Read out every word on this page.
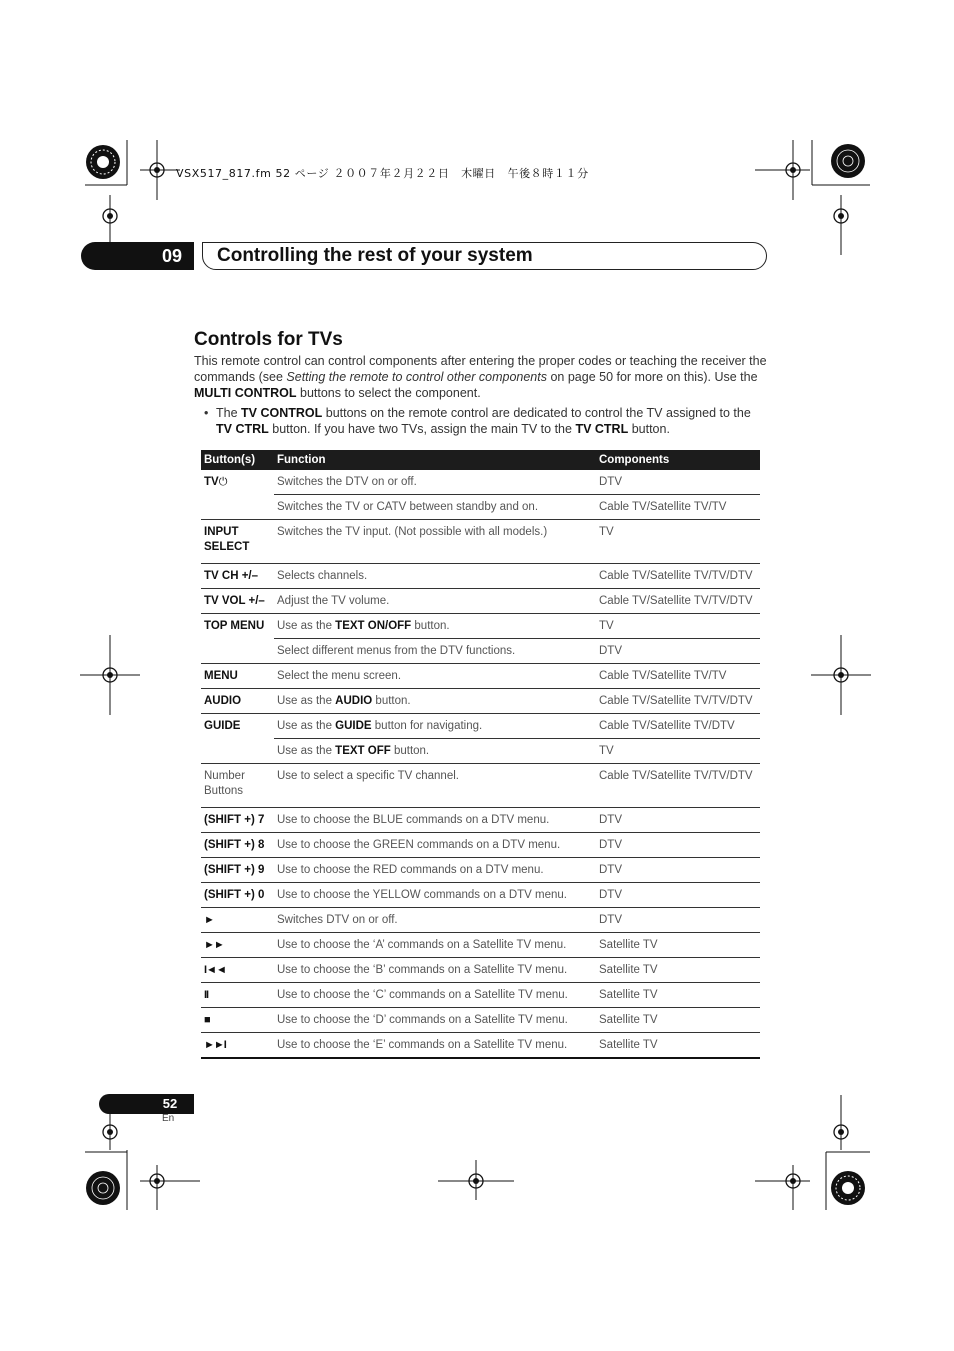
VSX517_817.fm 52 ページ ２００７年２月２２日　木曜日　午後８時１１分
09	Controlling the rest of your system
Controls for TVs
This remote control can control components after entering the proper codes or teaching the receiver the commands (see Setting the remote to control other components on page 50 for more on this). Use the MULTI CONTROL buttons to select the component.
• The TV CONTROL buttons on the remote control are dedicated to control the TV assigned to the TV CTRL button. If you have two TVs, assign the main TV to the TV CTRL button.
Button(s)	Function	Components
TV⏻	Switches the DTV on or off.	DTV
	Switches the TV or CATV between standby and on.	Cable TV/Satellite TV/TV
INPUT SELECT	Switches the TV input. (Not possible with all models.)	TV
TV CH +/–	Selects channels.	Cable TV/Satellite TV/TV/DTV
TV VOL +/–	Adjust the TV volume.	Cable TV/Satellite TV/TV/DTV
TOP MENU	Use as the TEXT ON/OFF button.	TV
	Select different menus from the DTV functions.	DTV
MENU	Select the menu screen.	Cable TV/Satellite TV/TV
AUDIO	Use as the AUDIO button.	Cable TV/Satellite TV/TV/DTV
GUIDE	Use as the GUIDE button for navigating.	Cable TV/Satellite TV/DTV
	Use as the TEXT OFF button.	TV
Number Buttons	Use to select a specific TV channel.	Cable TV/Satellite TV/TV/DTV
(SHIFT +) 7	Use to choose the BLUE commands on a DTV menu.	DTV
(SHIFT +) 8	Use to choose the GREEN commands on a DTV menu.	DTV
(SHIFT +) 9	Use to choose the RED commands on a DTV menu.	DTV
(SHIFT +) 0	Use to choose the YELLOW commands on a DTV menu.	DTV
►	Switches DTV on or off.	DTV
►►	Use to choose the ‘A’ commands on a Satellite TV menu.	Satellite TV
I◄◄	Use to choose the ‘B’ commands on a Satellite TV menu.	Satellite TV
II	Use to choose the ‘C’ commands on a Satellite TV menu.	Satellite TV
■	Use to choose the ‘D’ commands on a Satellite TV menu.	Satellite TV
►►I	Use to choose the ‘E’ commands on a Satellite TV menu.	Satellite TV
52
En
